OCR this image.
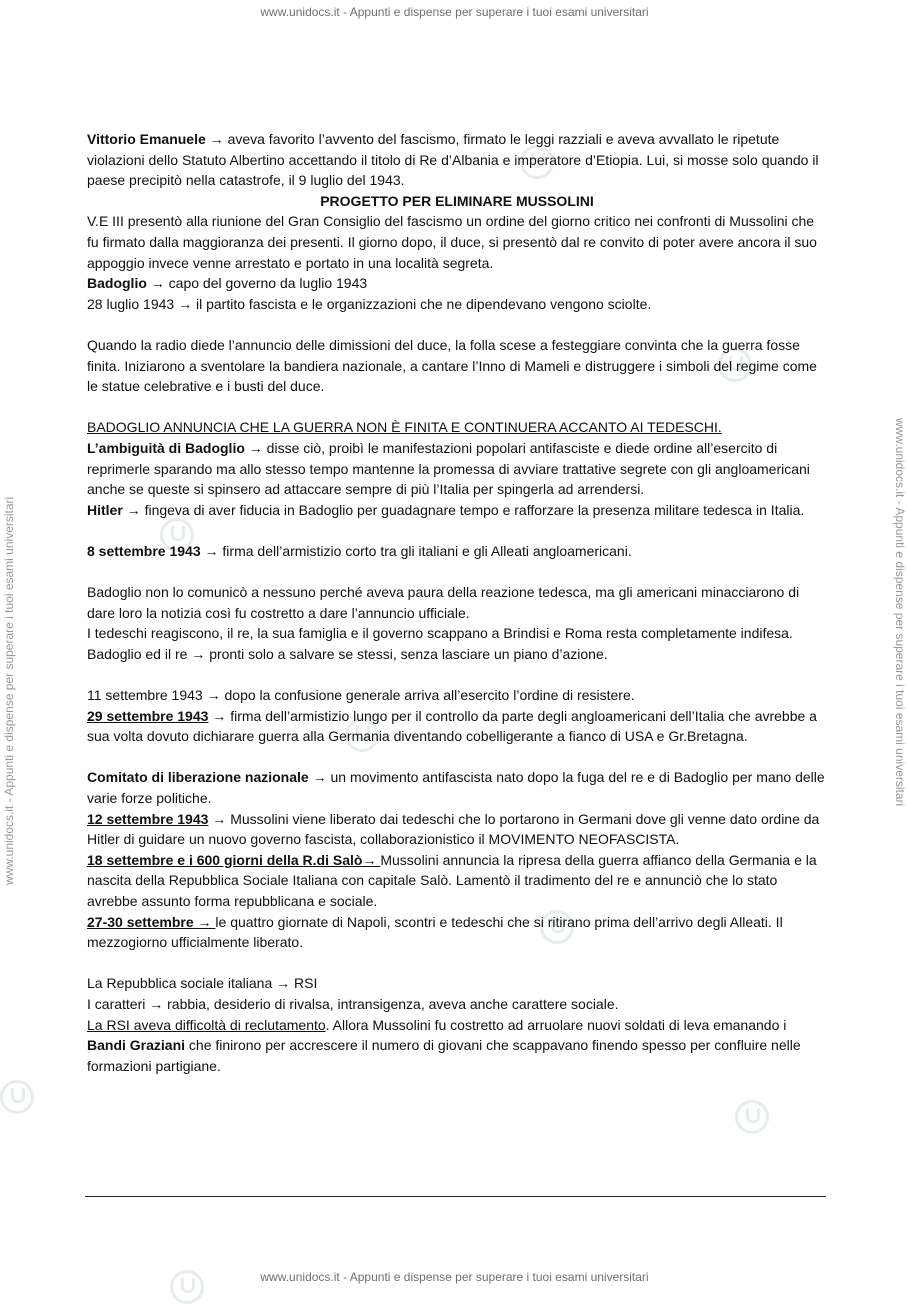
www.unidocs.it - Appunti e dispense per superare i tuoi esami universitari
www.unidocs.it - Appunti e dispense per superare i tuoi esami universitari	www.unidocs.it - Appunti e dispense per superare i tuoi esami universitari

Vittorio Emanuele → aveva favorito l’avvento del fascismo, firmato le leggi razziali e aveva avvallato le ripetute violazioni dello Statuto Albertino accettando il titolo di Re d’Albania e imperatore d’Etiopia. Lui, si mosse solo quando il paese precipitò nella catastrofe, il 9 luglio del 1943.

PROGETTO PER ELIMINARE MUSSOLINI

V.E III presentò alla riunione del Gran Consiglio del fascismo un ordine del giorno critico nei confronti di Mussolini che fu firmato dalla maggioranza dei presenti. Il giorno dopo, il duce, si presentò dal re convito di poter avere ancora il suo appoggio invece venne arrestato e portato in una località segreta.

Badoglio → capo del governo da luglio 1943

28 luglio 1943 → il partito fascista e le organizzazioni che ne dipendevano vengono sciolte.

Quando la radio diede l’annuncio delle dimissioni del duce, la folla scese a festeggiare convinta che la guerra fosse finita. Iniziarono a sventolare la bandiera nazionale, a cantare l’Inno di Mameli e distruggere i simboli del regime come le statue celebrative e i busti del duce.

BADOGLIO ANNUNCIA CHE LA GUERRA NON È FINITA E CONTINUERA ACCANTO AI TEDESCHI.

L’ambiguità di Badoglio → disse ciò, proibì le manifestazioni popolari antifasciste e diede ordine all’esercito di reprimerle sparando ma allo stesso tempo mantenne la promessa di avviare trattative segrete con gli angloamericani anche se queste si spinsero ad attaccare sempre di più l’Italia per spingerla ad arrendersi.

Hitler → fingeva di aver fiducia in Badoglio per guadagnare tempo e rafforzare la presenza militare tedesca in Italia.

8 settembre 1943 → firma dell’armistizio corto tra gli italiani e gli Alleati angloamericani.

Badoglio non lo comunicò a nessuno perché aveva paura della reazione tedesca, ma gli americani minacciarono di dare loro la notizia così fu costretto a dare l’annuncio ufficiale.

I tedeschi reagiscono, il re, la sua famiglia e il governo scappano a Brindisi e Roma resta completamente indifesa.

Badoglio ed il re → pronti solo a salvare se stessi, senza lasciare un piano d’azione.

11 settembre 1943 → dopo la confusione generale arriva all’esercito l’ordine di resistere.

29 settembre 1943 → firma dell’armistizio lungo per il controllo da parte degli angloamericani dell’Italia che avrebbe a sua volta dovuto dichiarare guerra alla Germania diventando cobelligerante a fianco di USA e Gr.Bretagna.

Comitato di liberazione nazionale → un movimento antifascista nato dopo la fuga del re e di Badoglio per mano delle varie forze politiche.

12 settembre 1943 → Mussolini viene liberato dai tedeschi che lo portarono in Germani dove gli venne dato ordine da Hitler di guidare un nuovo governo fascista, collaborazionistico il MOVIMENTO NEOFASCISTA.

18 settembre e i 600 giorni della R.di Salò→ Mussolini annuncia la ripresa della guerra affianco della Germania e la nascita della Repubblica Sociale Italiana con capitale Salò. Lamentò il tradimento del re e annunciò che lo stato avrebbe assunto forma repubblicana e sociale.

27-30 settembre → le quattro giornate di Napoli, scontri e tedeschi che si ritirano prima dell’arrivo degli Alleati. Il mezzogiorno ufficialmente liberato.

La Repubblica sociale italiana → RSI

I caratteri → rabbia, desiderio di rivalsa, intransigenza, aveva anche carattere sociale.

La RSI aveva difficoltà di reclutamento. Allora Mussolini fu costretto ad arruolare nuovi soldati di leva emanando i Bandi Graziani che finirono per accrescere il numero di giovani che scappavano finendo spesso per confluire nelle formazioni partigiane.

www.unidocs.it - Appunti e dispense per superare i tuoi esami universitari
